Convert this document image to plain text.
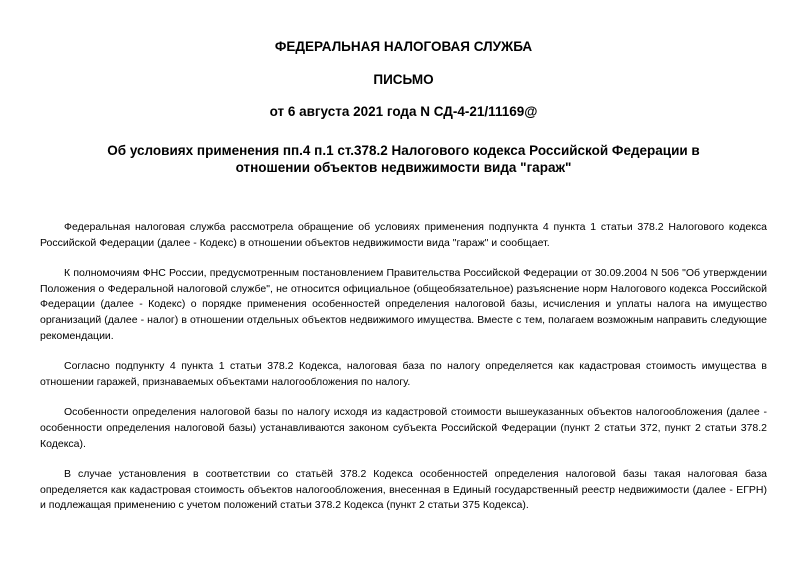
ФЕДЕРАЛЬНАЯ НАЛОГОВАЯ СЛУЖБА

ПИСЬМО

от 6 августа 2021 года N СД-4-21/11169@

Об условиях применения пп.4 п.1 ст.378.2 Налогового кодекса Российской Федерации в отношении объектов недвижимости вида "гараж"

Федеральная налоговая служба рассмотрела обращение об условиях применения подпункта 4 пункта 1 статьи 378.2 Налогового кодекса Российской Федерации (далее - Кодекс) в отношении объектов недвижимости вида "гараж" и сообщает.

К полномочиям ФНС России, предусмотренным постановлением Правительства Российской Федерации от 30.09.2004 N 506 "Об утверждении Положения о Федеральной налоговой службе", не относится официальное (общеобязательное) разъяснение норм Налогового кодекса Российской Федерации (далее - Кодекс) о порядке применения особенностей определения налоговой базы, исчисления и уплаты налога на имущество организаций (далее - налог) в отношении отдельных объектов недвижимого имущества. Вместе с тем, полагаем возможным направить следующие рекомендации.

Согласно подпункту 4 пункта 1 статьи 378.2 Кодекса, налоговая база по налогу определяется как кадастровая стоимость имущества в отношении гаражей, признаваемых объектами налогообложения по налогу.

Особенности определения налоговой базы по налогу исходя из кадастровой стоимости вышеуказанных объектов налогообложения (далее - особенности определения налоговой базы) устанавливаются законом субъекта Российской Федерации (пункт 2 статьи 372, пункт 2 статьи 378.2 Кодекса).

В случае установления в соответствии со статьёй 378.2 Кодекса особенностей определения налоговой базы такая налоговая база определяется как кадастровая стоимость объектов налогообложения, внесенная в Единый государственный реестр недвижимости (далее - ЕГРН) и подлежащая применению с учетом положений статьи 378.2 Кодекса (пункт 2 статьи 375 Кодекса).
